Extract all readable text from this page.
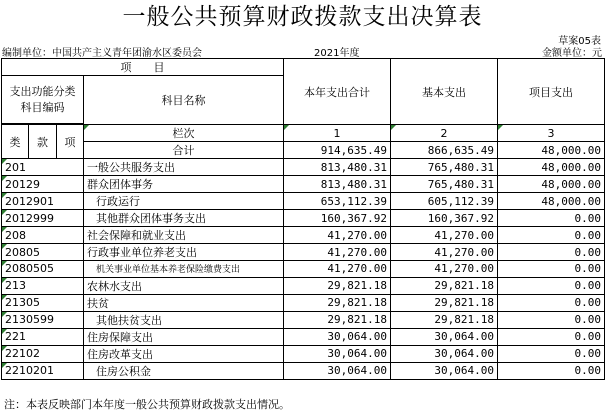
一般公共预算财政拨款支出决算表
草案05表
编制单位：中国共产主义青年团渝水区委员会	2021年度	金额单位：元
项　　目				本年支出合计	基本支出	项目支出
支出功能分类
科目编码			科目名称			

类	款	项	栏次	1	2	3
			合计	914,635.49	866,635.49	48,000.00
201			一般公共服务支出	813,480.31	765,480.31	48,000.00
20129			群众团体事务	813,480.31	765,480.31	48,000.00
2012901			行政运行	653,112.39	605,112.39	48,000.00
2012999			其他群众团体事务支出	160,367.92	160,367.92	0.00
208			社会保障和就业支出	41,270.00	41,270.00	0.00
20805			行政事业单位养老支出	41,270.00	41,270.00	0.00
2080505			机关事业单位基本养老保险缴费支出	41,270.00	41,270.00	0.00
213			农林水支出	29,821.18	29,821.18	0.00
21305			扶贫	29,821.18	29,821.18	0.00
2130599			其他扶贫支出	29,821.18	29,821.18	0.00
221			住房保障支出	30,064.00	30,064.00	0.00
22102			住房改革支出	30,064.00	30,064.00	0.00
2210201			住房公积金	30,064.00	30,064.00	0.00
注：本表反映部门本年度一般公共预算财政拨款支出情况。
